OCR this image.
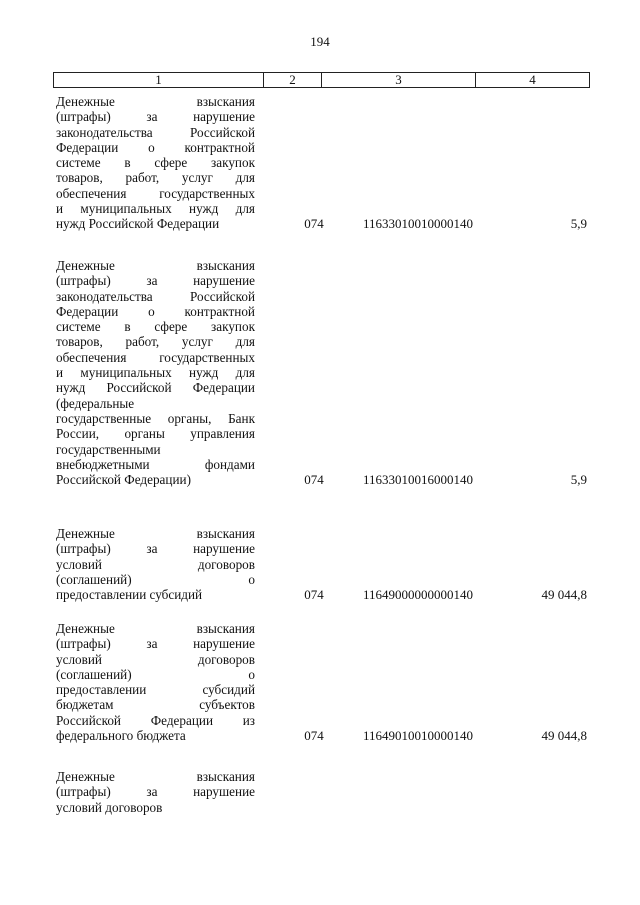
194
1	2	3	4
Денежные взыскания
(штрафы) за нарушение
законодательства Российской
Федерации о контрактной
системе в сфере закупок
товаров, работ, услуг для
обеспечения государственных
и муниципальных нужд для
нужд Российской Федерации	074	11633010010000140	5,9
Денежные взыскания
(штрафы) за нарушение
законодательства Российской
Федерации о контрактной
системе в сфере закупок
товаров, работ, услуг для
обеспечения государственных
и муниципальных нужд для
нужд Российской Федерации
(федеральные
государственные органы, Банк
России, органы управления
государственными
внебюджетными фондами
Российской Федерации)	074	11633010016000140	5,9
Денежные взыскания
(штрафы) за нарушение
условий договоров
(соглашений) о
предоставлении субсидий	074	11649000000000140	49 044,8
Денежные взыскания
(штрафы) за нарушение
условий договоров
(соглашений) о
предоставлении субсидий
бюджетам субъектов
Российской Федерации из
федерального бюджета	074	11649010010000140	49 044,8
Денежные взыскания
(штрафы) за нарушение
условий договоров
